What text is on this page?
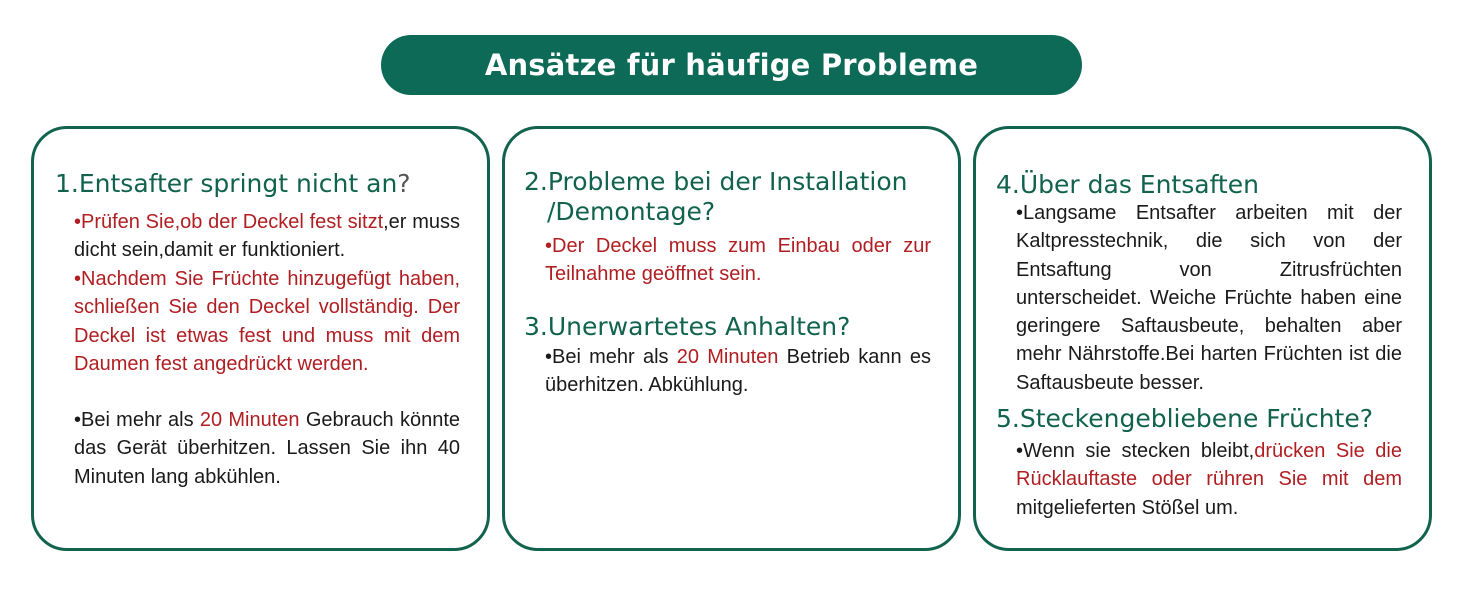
Ansätze für häufige Probleme
1.Entsafter springt nicht an?
•Prüfen Sie,ob der Deckel fest sitzt,er muss dicht sein,damit er funktioniert.
•Nachdem Sie Früchte hinzugefügt haben, schließen Sie den Deckel vollständig. Der Deckel ist etwas fest und muss mit dem Daumen fest angedrückt werden.
•Bei mehr als 20 Minuten Gebrauch könnte das Gerät überhitzen. Lassen Sie ihn 40 Minuten lang abkühlen.
2.Probleme bei der Installation
/Demontage?
•Der Deckel muss zum Einbau oder zur Teilnahme geöffnet sein.
3.Unerwartetes Anhalten?
•Bei mehr als 20 Minuten Betrieb kann es überhitzen. Abkühlung.
4.Über das Entsaften
•Langsame Entsafter arbeiten mit der Kaltpresstechnik, die sich von der Entsaftung von Zitrusfrüchten unterscheidet. Weiche Früchte haben eine geringere Saftausbeute, behalten aber mehr Nährstoffe.Bei harten Früchten ist die Saftausbeute besser.
5.Steckengebliebene Früchte?
•Wenn sie stecken bleibt,drücken Sie die Rücklauftaste oder rühren Sie mit dem mitgelieferten Stößel um.
